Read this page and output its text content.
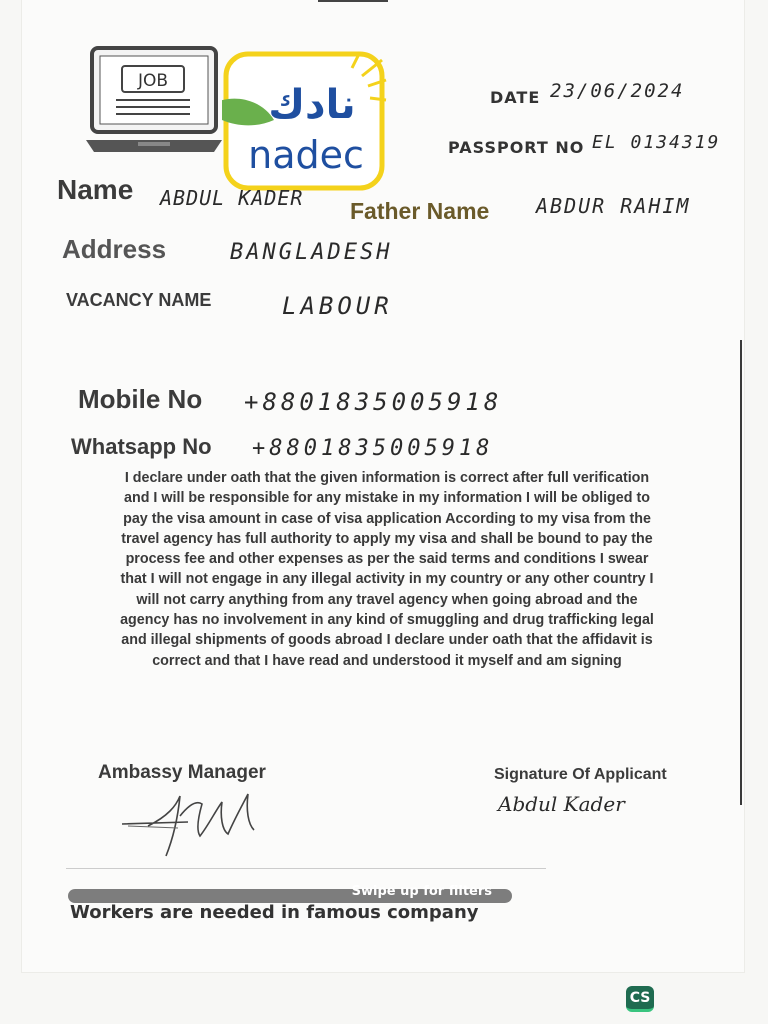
JOB
نادك
nadec
DATE 23/06/2024
PASSPORT NO EL 0134319
Name ABDUL KADER Father Name ABDUR RAHIM
Address	BANGLADESH
VACANCY NAME	LABOUR
Mobile No +8801835005918
Whatsapp No +8801835005918

I declare under oath that the given information is correct after full verification
and I will be responsible for any mistake in my information I will be obliged to
pay the visa amount in case of visa application According to my visa from the
travel agency has full authority to apply my visa and shall be bound to pay the
process fee and other expenses as per the said terms and conditions I swear
that I will not engage in any illegal activity in my country or any other country I
will not carry anything from any travel agency when going abroad and the
agency has no involvement in any kind of smuggling and drug trafficking legal
and illegal shipments of goods abroad I declare under oath that the affidavit is
correct and that I have read and understood it myself and am signing

Ambassy Manager	Signature Of Applicant
Abdul Kader
Swipe up for filters
Workers are needed in famous company
CS
